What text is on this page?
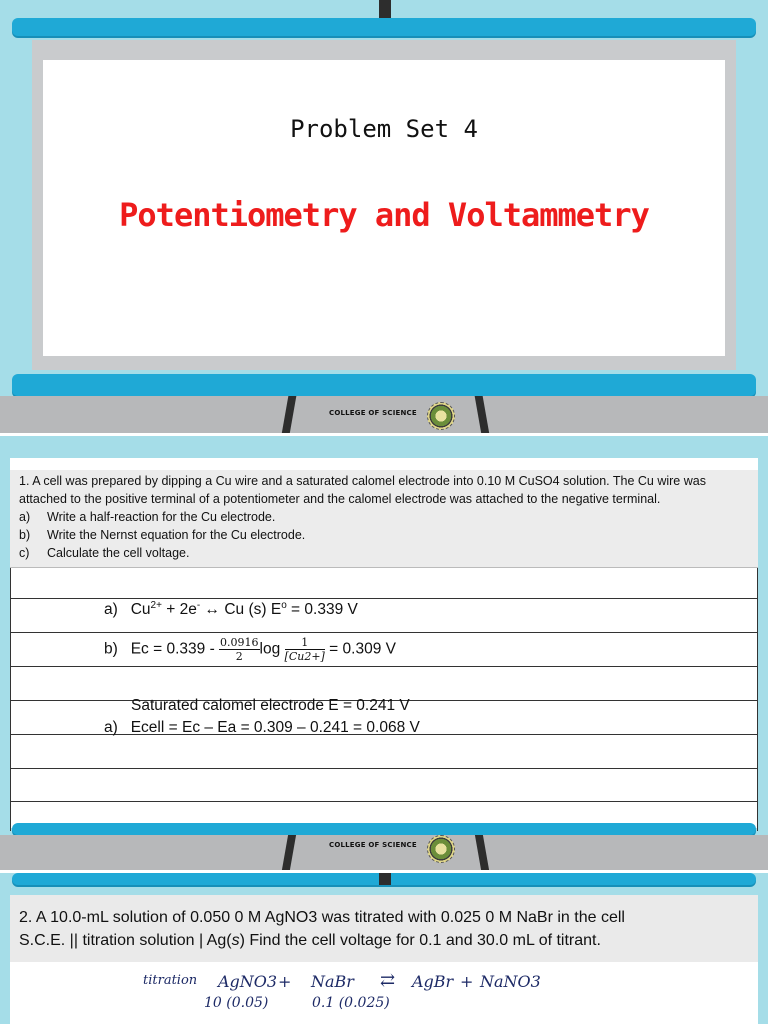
Problem Set 4
Potentiometry and Voltammetry
COLLEGE OF SCIENCE
COLLEGE OF SCIENCE
1. A cell was prepared by dipping a Cu wire and a saturated calomel electrode into 0.10 M CuSO4 solution. The Cu wire was
attached to the positive terminal of a potentiometer and the calomel electrode was attached to the negative terminal.
a)	Write a half-reaction for the Cu electrode.
b)	Write the Nernst equation for the Cu electrode.
c)	Calculate the cell voltage.
a) $Cu^{2+} + 2e^-$ ↔ Cu (s) $E^o = 0.339$ V
b) $Ec = 0.339 - \frac{0.0916}{2}$ $\log \frac{1}{[Cu2+]} = 0.309$ V
Saturated calomel electrode E = 0.241 V
a) Ecell = Ec – Ea = 0.309 – 0.241 = 0.068 V
2. A 10.0-mL solution of 0.050 0 M AgNO3 was titrated with 0.025 0 M NaBr in the cell
S.C.E. || titration solution | Ag(s) Find the cell voltage for 0.1 and 30.0 mL of titrant.
titration AgNO3 + NaBr ⇄ AgBr + NaNO3
10 (0.05)	0.1 (0.025)
